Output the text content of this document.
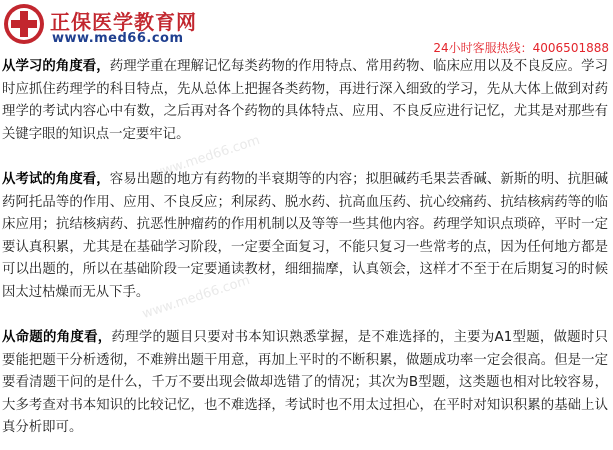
正保医学教育网
www.med66.com
24小时客服热线：4006501888
www.med66.com
www.med66.com

从学习的角度看，药理学重在理解记忆每类药物的作用特点、常用药物、临床应用以及不良反应。学习时应抓住药理学的科目特点，先从总体上把握各类药物，再进行深入细致的学习，先从大体上做到对药理学的考试内容心中有数，之后再对各个药物的具体特点、应用、不良反应进行记忆，尤其是对那些有关键字眼的知识点一定要牢记。

从考试的角度看，容易出题的地方有药物的半衰期等的内容；拟胆碱药毛果芸香碱、新斯的明、抗胆碱药阿托品等的作用、应用、不良反应；利尿药、脱水药、抗高血压药、抗心绞痛药、抗结核病药等的临床应用；抗结核病药、抗恶性肿瘤药的作用机制以及等等一些其他内容。药理学知识点琐碎，平时一定要认真积累，尤其是在基础学习阶段，一定要全面复习，不能只复习一些常考的点，因为任何地方都是可以出题的，所以在基础阶段一定要通读教材，细细揣摩，认真领会，这样才不至于在后期复习的时候因太过枯燥而无从下手。

从命题的角度看，药理学的题目只要对书本知识熟悉掌握，是不难选择的，主要为A1型题，做题时只要能把题干分析透彻，不难辨出题干用意，再加上平时的不断积累，做题成功率一定会很高。但是一定要看清题干问的是什么，千万不要出现会做却选错了的情况；其次为B型题，这类题也相对比较容易，大多考查对书本知识的比较记忆，也不难选择，考试时也不用太过担心，在平时对知识积累的基础上认真分析即可。
